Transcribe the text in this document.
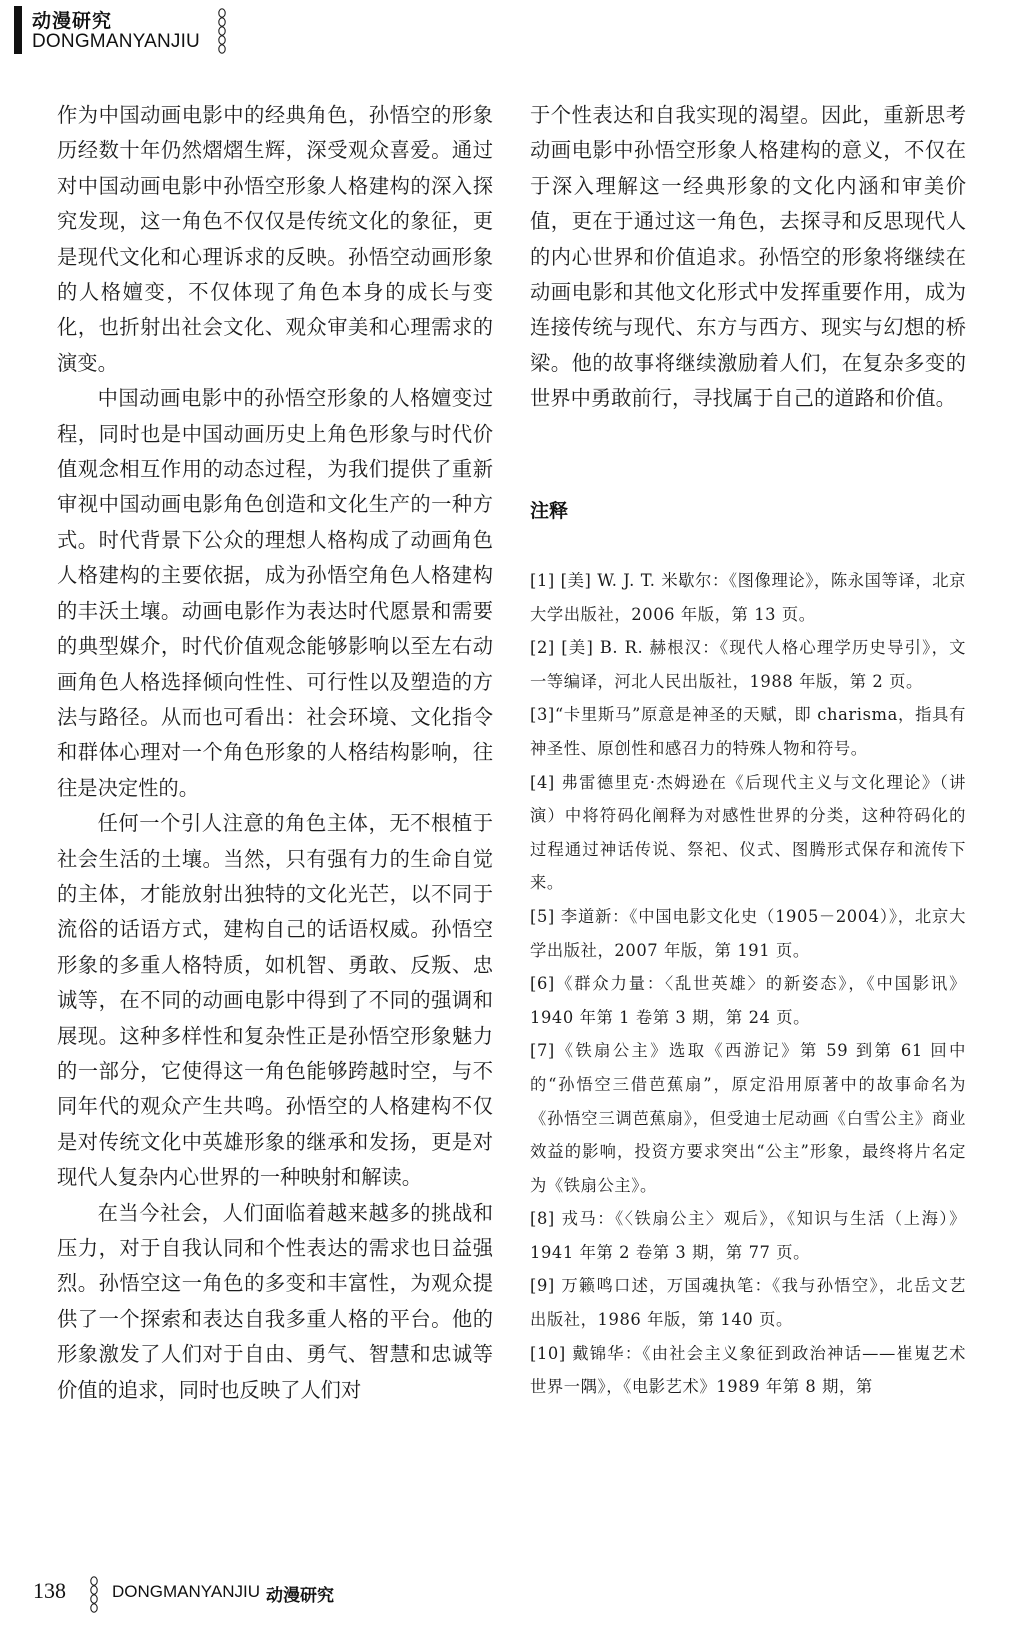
动漫研究
DONGMANYANJIU

作为中国动画电影中的经典角色，孙悟空的形象历经数十年仍然熠熠生辉，深受观众喜爱。通过对中国动画电影中孙悟空形象人格建构的深入探究发现，这一角色不仅仅是传统文化的象征，更是现代文化和心理诉求的反映。孙悟空动画形象的人格嬗变，不仅体现了角色本身的成长与变化，也折射出社会文化、观众审美和心理需求的演变。

中国动画电影中的孙悟空形象的人格嬗变过程，同时也是中国动画历史上角色形象与时代价值观念相互作用的动态过程，为我们提供了重新审视中国动画电影角色创造和文化生产的一种方式。时代背景下公众的理想人格构成了动画角色人格建构的主要依据，成为孙悟空角色人格建构的丰沃土壤。动画电影作为表达时代愿景和需要的典型媒介，时代价值观念能够影响以至左右动画角色人格选择倾向性性、可行性以及塑造的方法与路径。从而也可看出：社会环境、文化指令和群体心理对一个角色形象的人格结构影响，往往是决定性的。

任何一个引人注意的角色主体，无不根植于社会生活的土壤。当然，只有强有力的生命自觉的主体，才能放射出独特的文化光芒，以不同于流俗的话语方式，建构自己的话语权威。孙悟空形象的多重人格特质，如机智、勇敢、反叛、忠诚等，在不同的动画电影中得到了不同的强调和展现。这种多样性和复杂性正是孙悟空形象魅力的一部分，它使得这一角色能够跨越时空，与不同年代的观众产生共鸣。孙悟空的人格建构不仅是对传统文化中英雄形象的继承和发扬，更是对现代人复杂内心世界的一种映射和解读。

在当今社会，人们面临着越来越多的挑战和压力，对于自我认同和个性表达的需求也日益强烈。孙悟空这一角色的多变和丰富性，为观众提供了一个探索和表达自我多重人格的平台。他的形象激发了人们对于自由、勇气、智慧和忠诚等价值的追求，同时也反映了人们对

于个性表达和自我实现的渴望。因此，重新思考动画电影中孙悟空形象人格建构的意义，不仅在于深入理解这一经典形象的文化内涵和审美价值，更在于通过这一角色，去探寻和反思现代人的内心世界和价值追求。孙悟空的形象将继续在动画电影和其他文化形式中发挥重要作用，成为连接传统与现代、东方与西方、现实与幻想的桥梁。他的故事将继续激励着人们，在复杂多变的世界中勇敢前行，寻找属于自己的道路和价值。

注释

[1] [美] W. J. T. 米歇尔：《图像理论》，陈永国等译，北京大学出版社，2006 年版，第 13 页。

[2] [美] B. R. 赫根汉：《现代人格心理学历史导引》，文一等编译，河北人民出版社，1988 年版，第 2 页。

[3]“卡里斯马”原意是神圣的天赋，即 charisma，指具有神圣性、原创性和感召力的特殊人物和符号。

[4] 弗雷德里克·杰姆逊在《后现代主义与文化理论》（讲演）中将符码化阐释为对感性世界的分类，这种符码化的过程通过神话传说、祭祀、仪式、图腾形式保存和流传下来。

[5] 李道新：《中国电影文化史（1905－2004）》，北京大学出版社，2007 年版，第 191 页。

[6]《群众力量：〈乱世英雄〉的新姿态》，《中国影讯》1940 年第 1 卷第 3 期，第 24 页。

[7]《铁扇公主》选取《西游记》第 59 到第 61 回中的“孙悟空三借芭蕉扇”，原定沿用原著中的故事命名为《孙悟空三调芭蕉扇》，但受迪士尼动画《白雪公主》商业效益的影响，投资方要求突出“公主”形象，最终将片名定为《铁扇公主》。

[8] 戎马：《〈铁扇公主〉观后》，《知识与生活（上海）》1941 年第 2 卷第 3 期，第 77 页。

[9] 万籁鸣口述，万国魂执笔：《我与孙悟空》，北岳文艺出版社，1986 年版，第 140 页。

[10] 戴锦华：《由社会主义象征到政治神话——崔嵬艺术世界一隅》，《电影艺术》1989 年第 8 期，第

138	DONGMANYANJIU 动漫研究
